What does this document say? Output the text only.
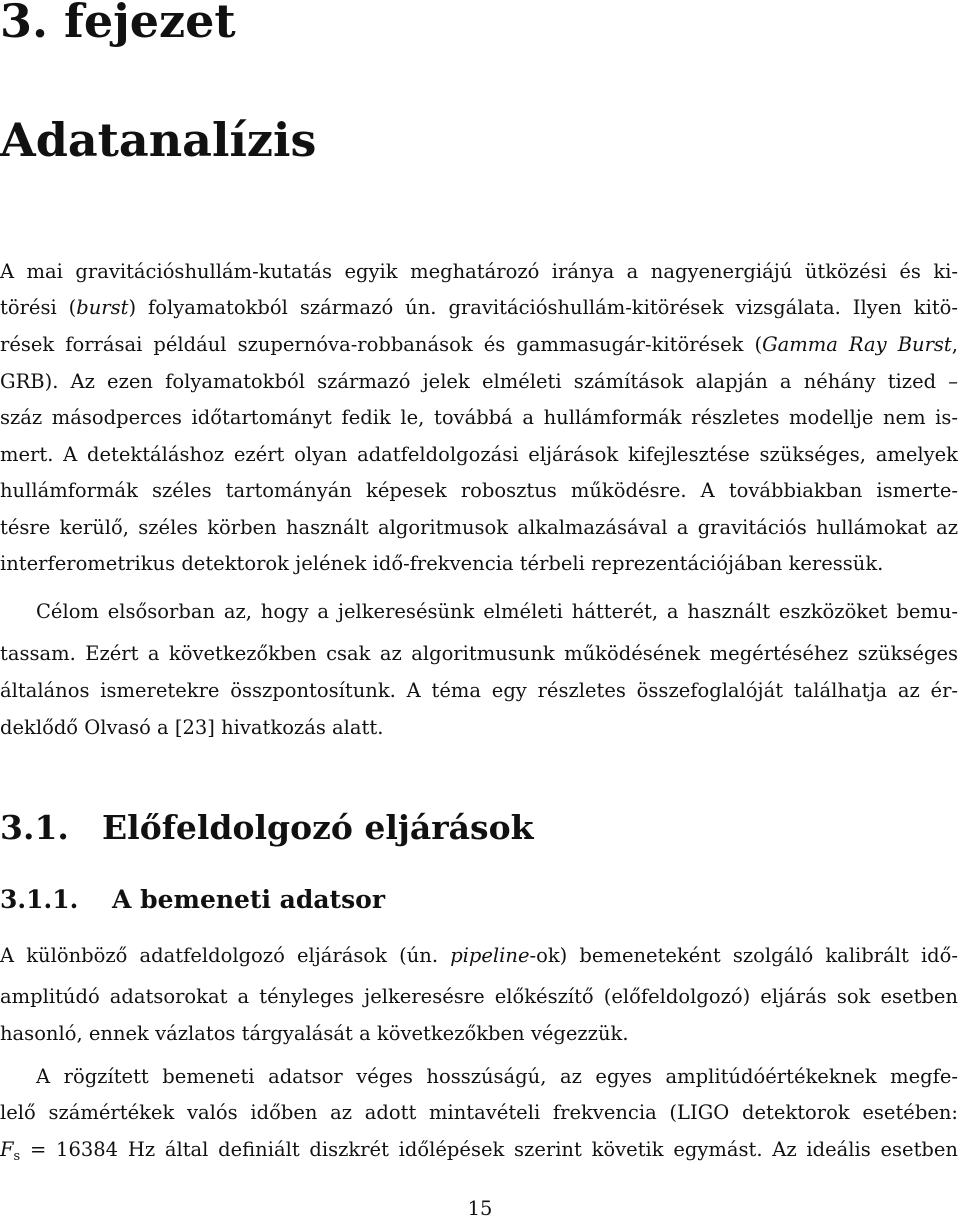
3. fejezet
Adatanalízis
A mai gravitációshullám-kutatás egyik meghatározó iránya a nagyenergiájú ütközési és ki-
törési (burst) folyamatokból származó ún. gravitációshullám-kitörések vizsgálata. Ilyen kitö-
rések forrásai például szupernóva-robbanások és gammasugár-kitörések (Gamma Ray Burst,
GRB). Az ezen folyamatokból származó jelek elméleti számítások alapján a néhány tized –
száz másodperces időtartományt fedik le, továbbá a hullámformák részletes modellje nem is-
mert. A detektáláshoz ezért olyan adatfeldolgozási eljárások kifejlesztése szükséges, amelyek
hullámformák széles tartományán képesek robosztus működésre. A továbbiakban ismerte-
tésre kerülő, széles körben használt algoritmusok alkalmazásával a gravitációs hullámokat az
interferometrikus detektorok jelének idő-frekvencia térbeli reprezentációjában keressük.
Célom elsősorban az, hogy a jelkeresésünk elméleti hátterét, a használt eszközöket bemu-
tassam. Ezért a következőkben csak az algoritmusunk működésének megértéséhez szükséges
általános ismeretekre összpontosítunk. A téma egy részletes összefoglalóját találhatja az ér-
deklődő Olvasó a [23] hivatkozás alatt.
3.1. Előfeldolgozó eljárások
3.1.1. A bemeneti adatsor
A különböző adatfeldolgozó eljárások (ún. pipeline-ok) bemeneteként szolgáló kalibrált idő-
amplitúdó adatsorokat a tényleges jelkeresésre előkészítő (előfeldolgozó) eljárás sok esetben
hasonló, ennek vázlatos tárgyalását a következőkben végezzük.
A rögzített bemeneti adatsor véges hosszúságú, az egyes amplitúdóértékeknek megfe-
lelő számértékek valós időben az adott mintavételi frekvencia (LIGO detektorok esetében:
$F_s = 16384$ Hz által definiált diszkrét időlépések szerint követik egymást. Az ideális esetben
15
